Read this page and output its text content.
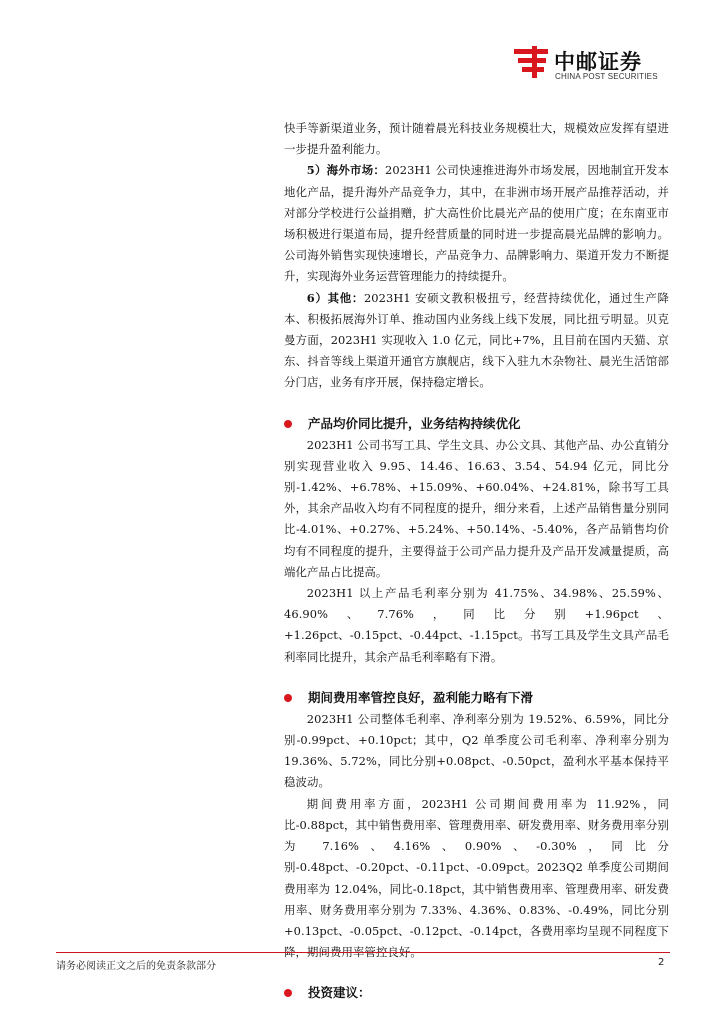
中邮证券
CHINA POST SECURITIES

快手等新渠道业务，预计随着晨光科技业务规模壮大，规模效应发挥有望进一步提升盈利能力。

5）海外市场：2023H1 公司快速推进海外市场发展，因地制宜开发本地化产品，提升海外产品竞争力，其中，在非洲市场开展产品推荐活动，并对部分学校进行公益捐赠，扩大高性价比晨光产品的使用广度；在东南亚市场积极进行渠道布局，提升经营质量的同时进一步提高晨光品牌的影响力。公司海外销售实现快速增长，产品竞争力、品牌影响力、渠道开发力不断提升，实现海外业务运营管理能力的持续提升。

6）其他：2023H1 安硕文教积极扭亏，经营持续优化，通过生产降本、积极拓展海外订单、推动国内业务线上线下发展，同比扭亏明显。贝克曼方面，2023H1 实现收入 1.0 亿元，同比+7%，且目前在国内天猫、京东、抖音等线上渠道开通官方旗舰店，线下入驻九木杂物社、晨光生活馆部分门店，业务有序开展，保持稳定增长。

产品均价同比提升，业务结构持续优化

2023H1 公司书写工具、学生文具、办公文具、其他产品、办公直销分别实现营业收入 9.95、14.46、16.63、3.54、54.94 亿元，同比分别-1.42%、+6.78%、+15.09%、+60.04%、+24.81%，除书写工具外，其余产品收入均有不同程度的提升，细分来看，上述产品销售量分别同比-4.01%、+0.27%、+5.24%、+50.14%、-5.40%，各产品销售均价均有不同程度的提升，主要得益于公司产品力提升及产品开发减量提质，高端化产品占比提高。

2023H1 以上产品毛利率分别为 41.75%、34.98%、25.59%、46.90%、7.76%，同比分别+1.96pct、+1.26pct、-0.15pct、-0.44pct、-1.15pct。书写工具及学生文具产品毛利率同比提升，其余产品毛利率略有下滑。

期间费用率管控良好，盈利能力略有下滑

2023H1 公司整体毛利率、净利率分别为 19.52%、6.59%，同比分别-0.99pct、+0.10pct；其中，Q2 单季度公司毛利率、净利率分别为 19.36%、5.72%，同比分别+0.08pct、-0.50pct，盈利水平基本保持平稳波动。

期间费用率方面，2023H1 公司期间费用率为 11.92%，同比-0.88pct，其中销售费用率、管理费用率、研发费用率、财务费用率分别为 7.16%、4.16%、0.90%、-0.30%，同比分别-0.48pct、-0.20pct、-0.11pct、-0.09pct。2023Q2 单季度公司期间费用率为 12.04%，同比-0.18pct，其中销售费用率、管理费用率、研发费用率、财务费用率分别为 7.33%、4.36%、0.83%、-0.49%，同比分别+0.13pct、-0.05pct、-0.12pct、-0.14pct，各费用率均呈现不同程度下降，期间费用率管控良好。

投资建议：
请务必阅读正文之后的免责条款部分	2
